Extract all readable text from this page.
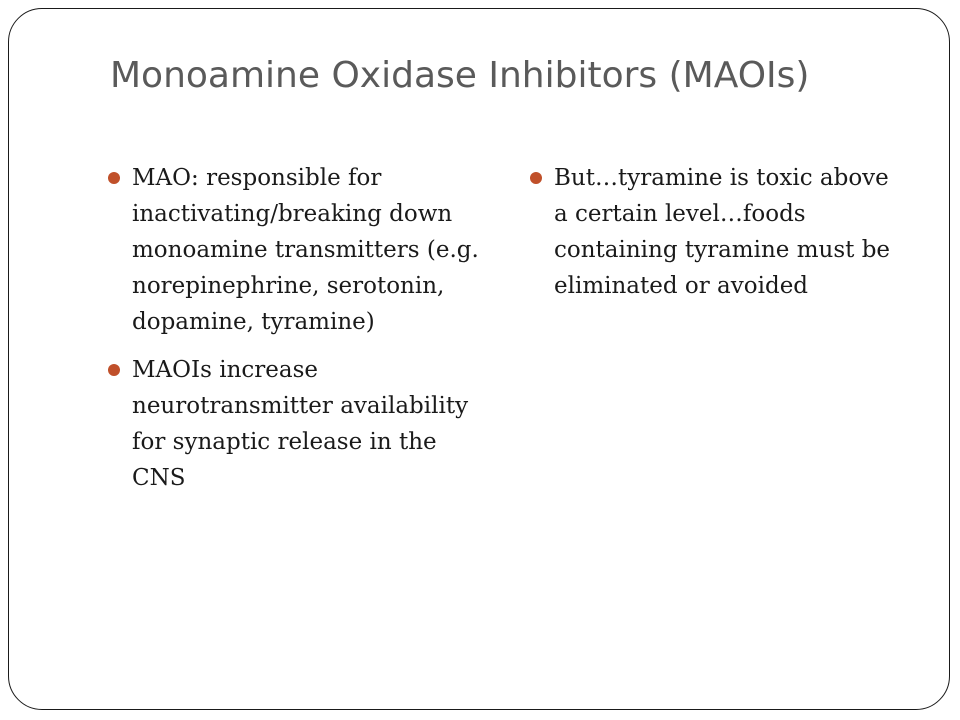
Monoamine Oxidase Inhibitors (MAOIs)
MAO: responsible for inactivating/breaking down monoamine transmitters (e.g. norepinephrine, serotonin, dopamine, tyramine)
MAOIs increase neurotransmitter availability for synaptic release in the CNS
But…tyramine is toxic above a certain level…foods containing tyramine must be eliminated or avoided
